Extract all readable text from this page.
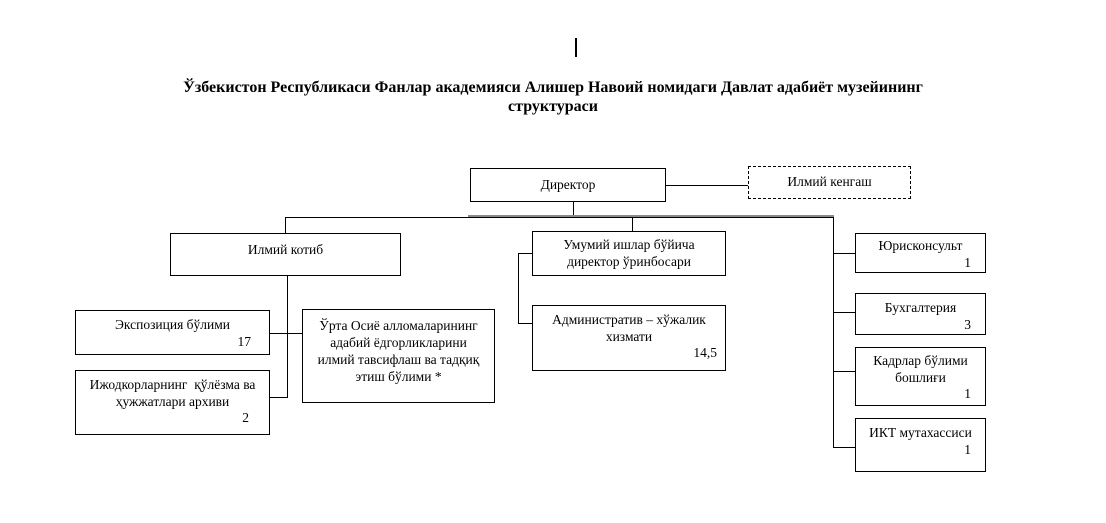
Ўзбекистон Республикаси Фанлар академияси Алишер Навоий номидаги Давлат адабиёт музейининг
структураси
Директор	Илмий кенгаш
Илмий котиб	Умумий ишлар бўйича
директор ўринбосари
Юрисконсульт
1
Бухгалтерия
3
Кадрлар бўлими
бошлиғи
1
ИКТ мутахассиси
1
Экспозиция бўлими
17
Ижодкорларнинг  қўлёзма ва
ҳужжатлари архиви
2
Ўрта Осиё алломаларининг
адабий ёдгорликларини
илмий тавсифлаш ва тадқиқ
этиш бўлими *
Административ – хўжалик
хизмати
14,5
